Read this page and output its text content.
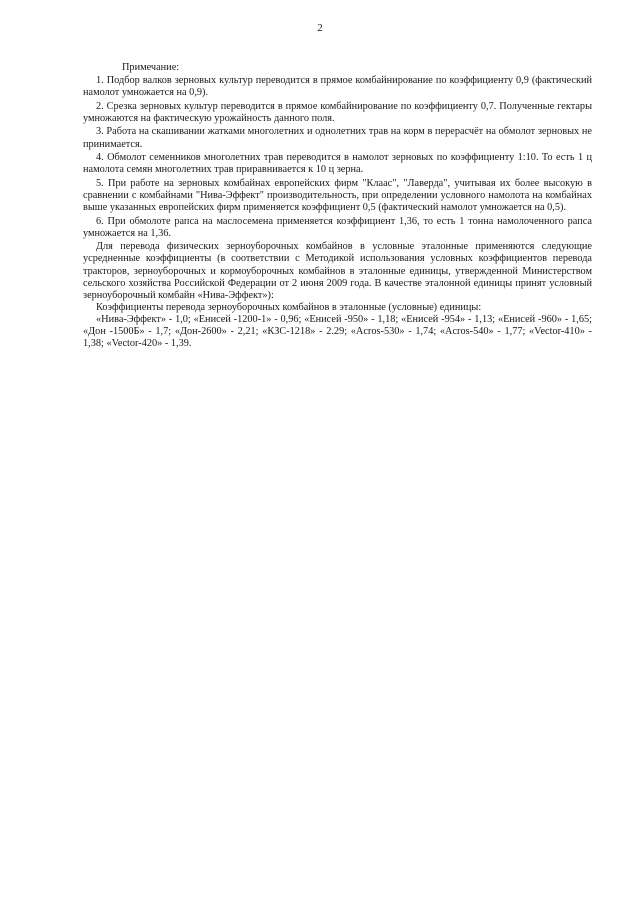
2
Примечание:

1. Подбор валков зерновых культур переводится в прямое комбайнирование по коэффициенту 0,9 (фактический намолот умножается на 0,9).

2. Срезка зерновых культур переводится в прямое комбайнирование по коэффициенту 0,7. Полученные гектары умножаются на фактическую урожайность данного поля.

3. Работа на скашивании жатками многолетних и однолетних трав на корм в перерасчёт на обмолот зерновых не принимается.

4. Обмолот семенников многолетних трав переводится в намолот зерновых по коэффициенту 1:10. То есть 1 ц намолота семян многолетних трав приравнивается к 10 ц зерна.

5. При работе на зерновых комбайнах европейских фирм "Клаас", "Лаверда", учитывая их более высокую в сравнении с комбайнами "Нива-Эффект" производительность, при определении условного намолота на комбайнах выше указанных европейских фирм применяется коэффициент 0,5 (фактический намолот умножается на 0,5).

6. При обмолоте рапса на маслосемена применяется коэффициент 1,36, то есть 1 тонна намолоченного рапса умножается на 1,36.

Для перевода физических зерноуборочных комбайнов в условные эталонные применяются следующие усредненные коэффициенты (в соответствии с Методикой использования условных коэффициентов перевода тракторов, зерноуборочных и кормоуборочных комбайнов в эталонные единицы, утвержденной Министерством сельского хозяйства Российской Федерации от 2 июня 2009 года. В качестве эталонной единицы принят условный зерноуборочный комбайн «Нива-Эффект»):

Коэффициенты перевода зерноуборочных комбайнов в эталонные (условные) единицы:

«Нива-Эффект» - 1,0; «Енисей -1200-1» - 0,96; «Енисей -950» - 1,18; «Енисей -954» - 1,13; «Енисей -960» - 1,65; «Дон -1500Б» - 1,7; «Дон-2600» - 2,21; «КЗС-1218» - 2.29; «Acros-530» - 1,74; «Acros-540» - 1,77; «Vector-410» - 1,38; «Vector-420» - 1,39.
